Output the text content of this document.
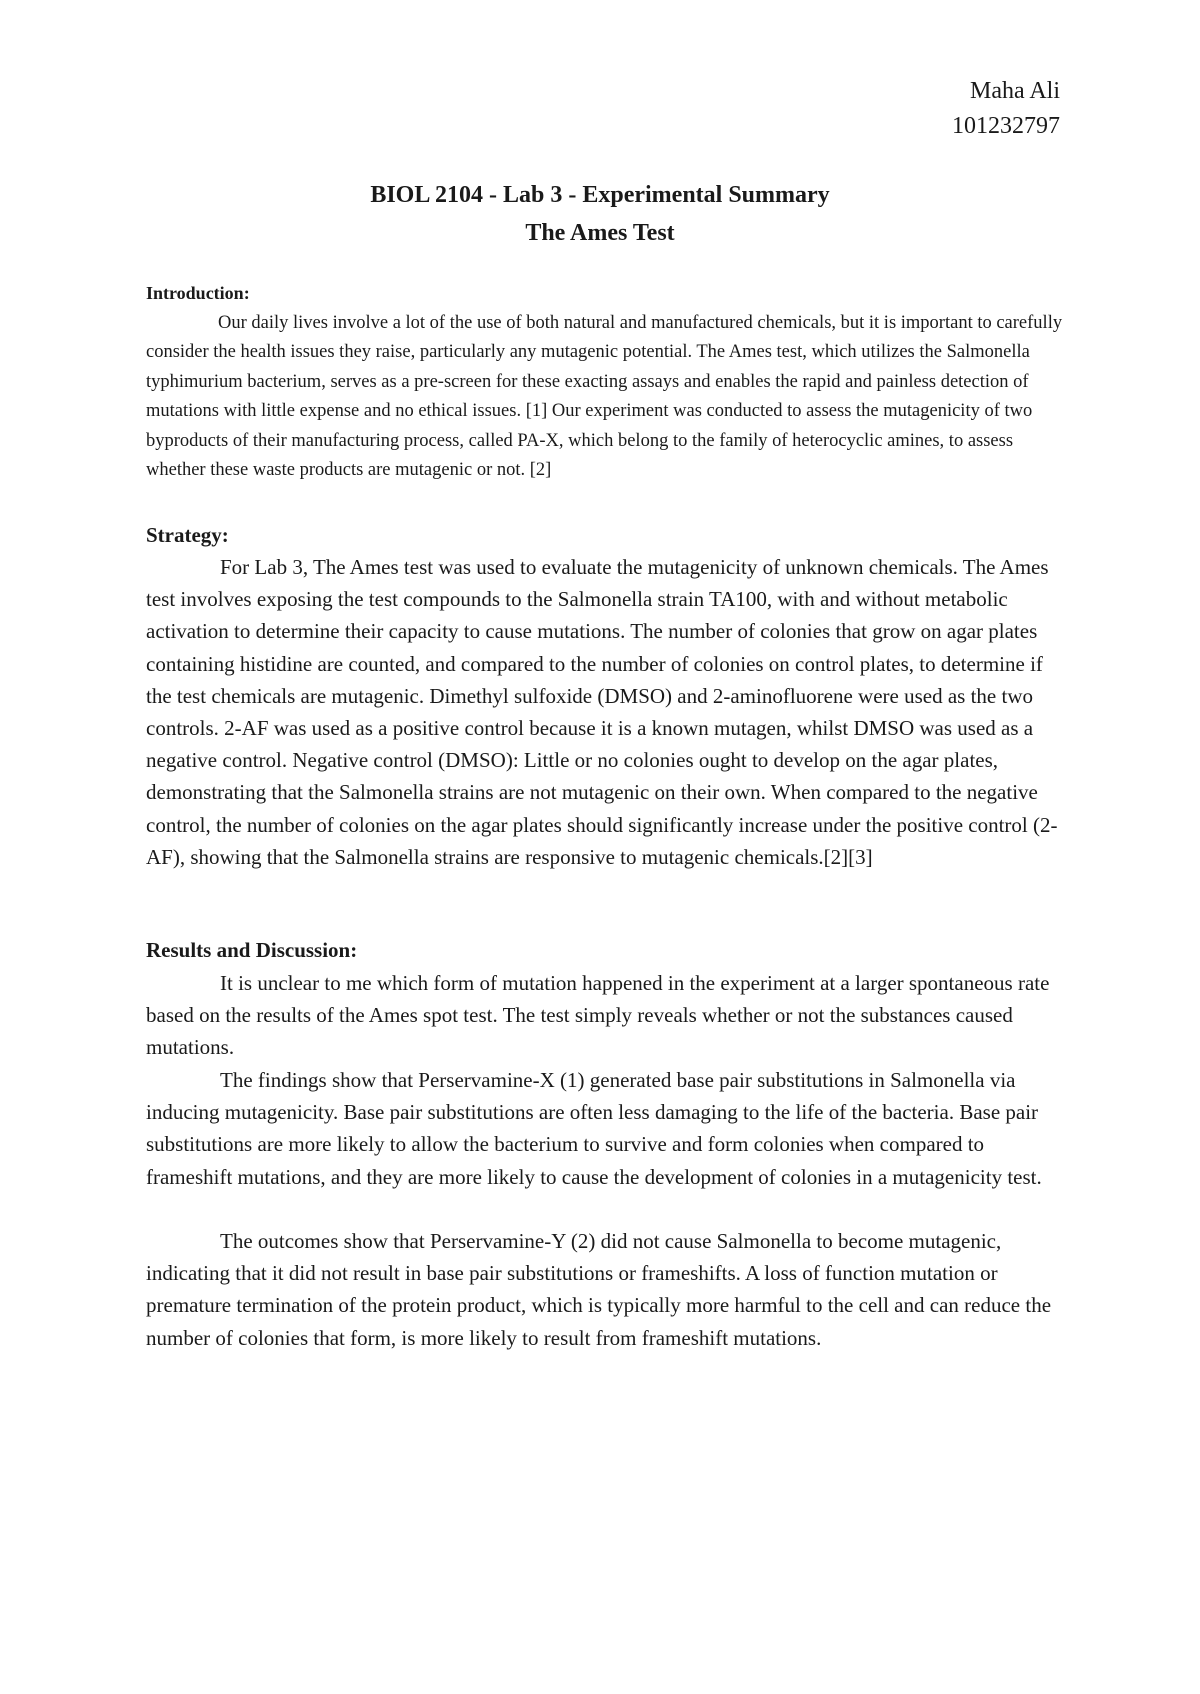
Maha Ali
101232797
BIOL 2104 - Lab 3 - Experimental Summary
The Ames Test
Introduction:

Our daily lives involve a lot of the use of both natural and manufactured chemicals, but it is important to carefully consider the health issues they raise, particularly any mutagenic potential. The Ames test, which utilizes the Salmonella typhimurium bacterium, serves as a pre-screen for these exacting assays and enables the rapid and painless detection of mutations with little expense and no ethical issues. [1] Our experiment was conducted to assess the mutagenicity of two byproducts of their manufacturing process, called PA-X, which belong to the family of heterocyclic amines, to assess whether these waste products are mutagenic or not. [2]

Strategy:

For Lab 3, The Ames test was used to evaluate the mutagenicity of unknown chemicals. The Ames test involves exposing the test compounds to the Salmonella strain TA100, with and without metabolic activation to determine their capacity to cause mutations. The number of colonies that grow on agar plates containing histidine are counted, and compared to the number of colonies on control plates, to determine if the test chemicals are mutagenic. Dimethyl sulfoxide (DMSO) and 2-aminofluorene were used as the two controls. 2-AF was used as a positive control because it is a known mutagen, whilst DMSO was used as a negative control. Negative control (DMSO): Little or no colonies ought to develop on the agar plates, demonstrating that the Salmonella strains are not mutagenic on their own. When compared to the negative control, the number of colonies on the agar plates should significantly increase under the positive control (2-AF), showing that the Salmonella strains are responsive to mutagenic chemicals.[2][3]

Results and Discussion:

It is unclear to me which form of mutation happened in the experiment at a larger spontaneous rate based on the results of the Ames spot test. The test simply reveals whether or not the substances caused mutations.

The findings show that Perservamine-X (1) generated base pair substitutions in Salmonella via inducing mutagenicity. Base pair substitutions are often less damaging to the life of the bacteria. Base pair substitutions are more likely to allow the bacterium to survive and form colonies when compared to frameshift mutations, and they are more likely to cause the development of colonies in a mutagenicity test.

The outcomes show that Perservamine-Y (2) did not cause Salmonella to become mutagenic, indicating that it did not result in base pair substitutions or frameshifts. A loss of function mutation or premature termination of the protein product, which is typically more harmful to the cell and can reduce the number of colonies that form, is more likely to result from frameshift mutations.
